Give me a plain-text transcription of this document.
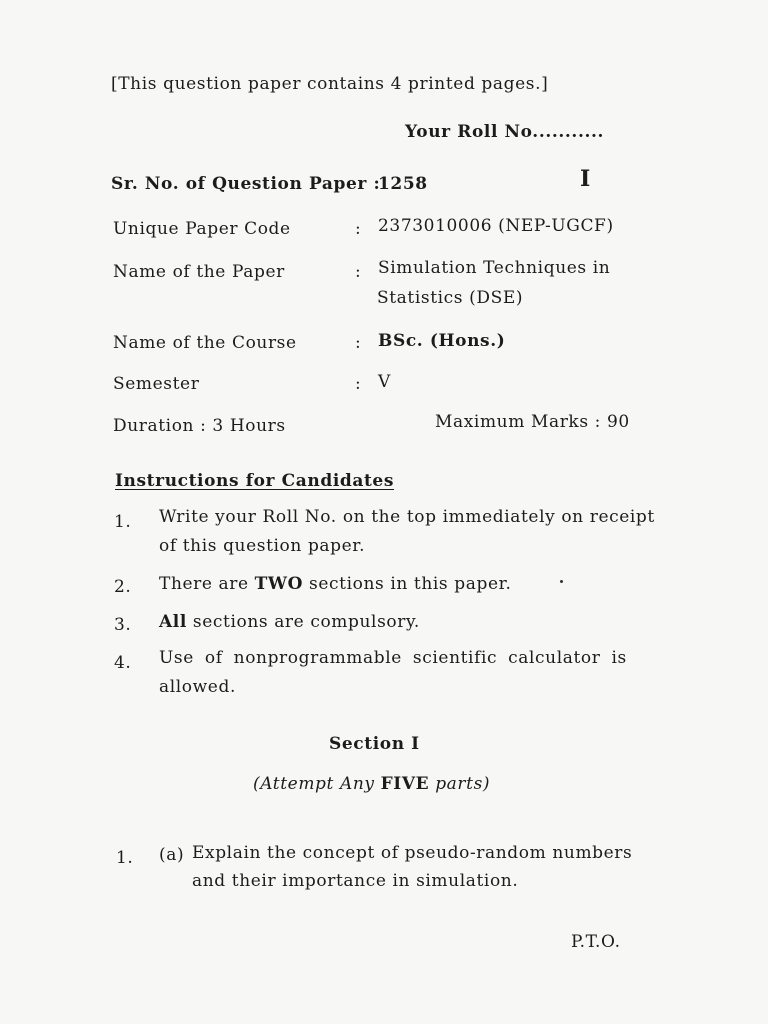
[This question paper contains 4 printed pages.]
Your Roll No...........
Sr. No. of Question Paper :
1258	I
Unique Paper Code	: 2373010006 (NEP-UGCF)
Name of the Paper	: Simulation Techniques in
Statistics (DSE)
Name of the Course	: BSc. (Hons.)
Semester	: V
Duration : 3 Hours	Maximum Marks : 90
Instructions for Candidates
1. Write your Roll No. on the top immediately on receipt
of this question paper.
2. There are TWO sections in this paper.
3. All sections are compulsory.
4. Use of nonprogrammable scientific calculator is
allowed.
Section I
(Attempt Any FIVE parts)
1. (a) Explain the concept of pseudo-random numbers
and their importance in simulation.
P.T.O.
